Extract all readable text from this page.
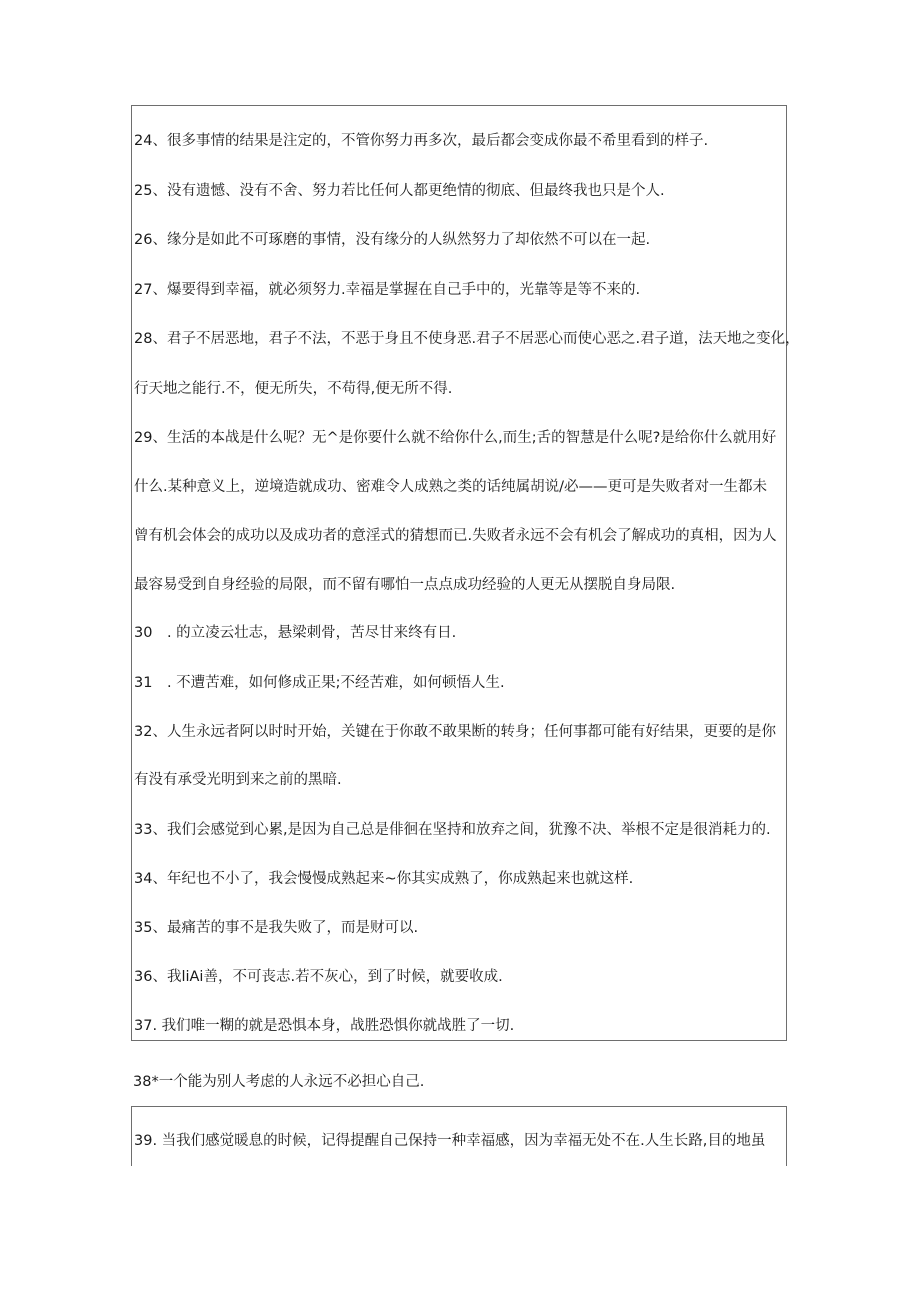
24、很多事情的结果是注定的，不管你努力再多次，最后都会变成你最不希里看到的样子.
25、没有遗憾、没有不舍、努力若比任何人都更绝情的彻底、但最终我也只是个人.
26、缘分是如此不可琢磨的事情，没有缘分的人纵然努力了却依然不可以在一起.
27、爆要得到幸福，就必须努力.幸福是掌握在自己手中的，光靠等是等不来的.
28、君子不居恶地，君子不法，不恶于身且不使身恶.君子不居恶心而使心恶之.君子道，法天地之变化，
行天地之能行.不，便无所失，不苟得,便无所不得.
29、生活的本战是什么呢？无^是你要什么就不给你什么,而生;舌的智慧是什么呢?是给你什么就用好
什么.某种意义上，逆境造就成功、密难令人成熟之类的话纯属胡说/必——更可是失败者对一生都未
曾有机会体会的成功以及成功者的意淫式的猜想而已.失败者永远不会有机会了解成功的真相，因为人
最容易受到自身经验的局限，而不留有哪怕一点点成功经验的人更无从摆脱自身局限.
30　. 的立凌云壮志，悬梁刺骨，苦尽甘来终有日.
31　. 不遭苦难，如何修成正果;不经苦难，如何顿悟人生.
32、人生永远者阿以时时开始，关键在于你敢不敢果断的转身；任何事都可能有好结果，更要的是你
有没有承受光明到来之前的黑暗.
33、我们会感觉到心累,是因为自己总是俳徊在坚持和放弃之间，犹豫不决、举根不定是很消耗力的.
34、年纪也不小了，我会慢慢成熟起来~你其实成熟了，你成熟起来也就这样.
35、最痛苦的事不是我失败了，而是财可以.
36、我liAi善，不可丧志.若不灰心，到了时候，就要收成.
37. 我们唯一糊的就是恐惧本身，战胜恐惧你就战胜了一切.
38*一个能为别人考虑的人永远不必担心自己.
39. 当我们感觉暖息的时候，记得提醒自己保持一种幸福感，因为幸福无处不在.人生长路,目的地虽
